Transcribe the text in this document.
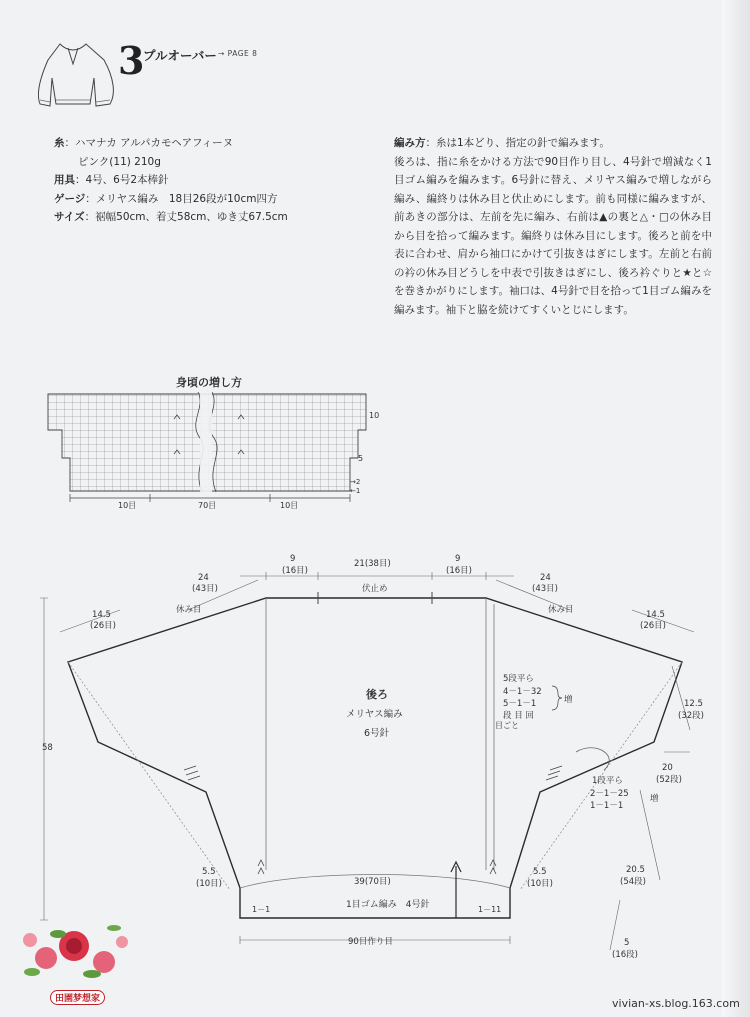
3
プルオーバー → PAGE 8
糸：ハマナカ アルパカモヘアフィーヌ
ピンク(11) 210g
用具：4号、6号2本棒針
ゲージ：メリヤス編み　18目26段が10cm四方
サイズ：裾幅50cm、着丈58cm、ゆき丈67.5cm
編み方：糸は1本どり、指定の針で編みます。
後ろは、指に糸をかける方法で90目作り目し、4号針で増減なく1目ゴム編みを編みます。6号針に替え、メリヤス編みで増しながら編み、編終りは休み目と伏止めにします。前も同様に編みますが、前あきの部分は、左前を先に編み、右前は▲の裏と△・□の休み目から目を拾って編みます。編終りは休み目にします。後ろと前を中表に合わせ、肩から袖口にかけて引抜きはぎにします。左前と右前の衿の休み目どうしを中表で引抜きはぎにし、後ろ衿ぐりと★と☆を巻きかがりにします。袖口は、4号針で目を拾って1目ゴム編みを編みます。袖下と脇を続けてすくいとじにします。
身頃の増し方
10
5
→2
←1
10目	70目	10目
24
(43目)
14.5
(26目)
休み目
9
(16目)
21(38目)
伏止め
9
(16目)
24
(43目)
休み目	14.5
(26目)
58
後ろ
メリヤス編み
6号針
5段平ら
4－1－32
5－1－1
段 目 回
増
目ごと
12.5
(32段)
20
(52段)
1段平ら
2－1－25
1－1－1
増
20.5
(54段)
5
(16段)
5.5
(10目)	39(70目)
5.5
(10目)
1－1	1目ゴム編み　4号針	1－11
90目作り目
田園梦想家	vivian-xs.blog.163.com
